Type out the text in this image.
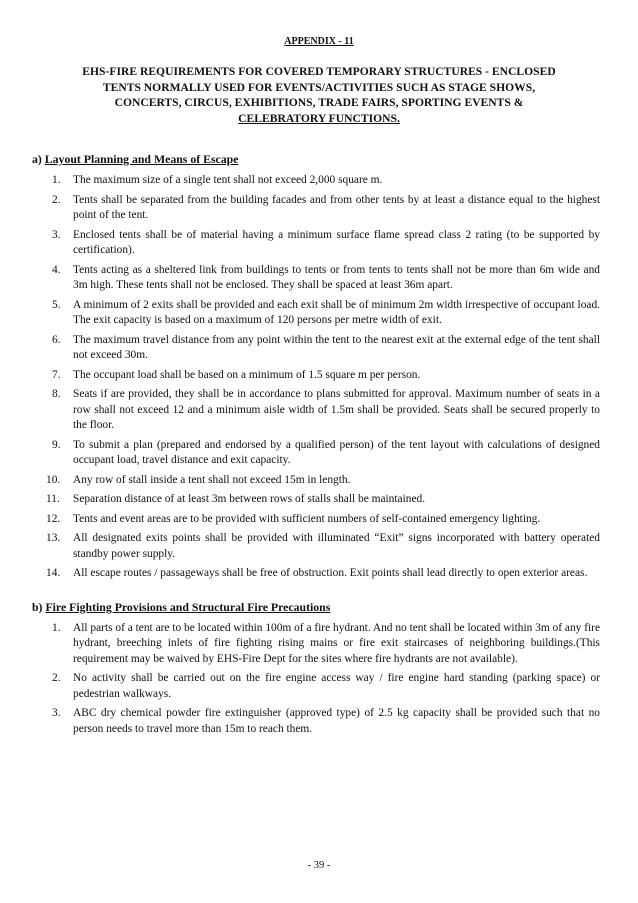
APPENDIX - 11
EHS-FIRE REQUIREMENTS FOR COVERED TEMPORARY STRUCTURES - ENCLOSED
TENTS NORMALLY USED FOR EVENTS/ACTIVITIES SUCH AS STAGE SHOWS,
CONCERTS, CIRCUS, EXHIBITIONS, TRADE FAIRS, SPORTING EVENTS &
CELEBRATORY FUNCTIONS.
a) Layout Planning and Means of Escape
1.	The maximum size of a single tent shall not exceed 2,000 square m.
2.	Tents shall be separated from the building facades and from other tents by at least a distance equal to the highest point of the tent.
3.	Enclosed tents shall be of material having a minimum surface flame spread class 2 rating (to be supported by certification).
4.	Tents acting as a sheltered link from buildings to tents or from tents to tents shall not be more than 6m wide and 3m high. These tents shall not be enclosed. They shall be spaced at least 36m apart.
5.	A minimum of 2 exits shall be provided and each exit shall be of minimum 2m width irrespective of occupant load. The exit capacity is based on a maximum of 120 persons per metre width of exit.
6.	The maximum travel distance from any point within the tent to the nearest exit at the external edge of the tent shall not exceed 30m.
7.	The occupant load shall be based on a minimum of 1.5 square m per person.
8.	Seats if are provided, they shall be in accordance to plans submitted for approval. Maximum number of seats in a row shall not exceed 12 and a minimum aisle width of 1.5m shall be provided. Seats shall be secured properly to the floor.
9.	To submit a plan (prepared and endorsed by a qualified person) of the tent layout with calculations of designed occupant load, travel distance and exit capacity.
10.	Any row of stall inside a tent shall not exceed 15m in length.
11.	Separation distance of at least 3m between rows of stalls shall be maintained.
12.	Tents and event areas are to be provided with sufficient numbers of self-contained emergency lighting.
13.	All designated exits points shall be provided with illuminated “Exit” signs incorporated with battery operated standby power supply.
14.	All escape routes / passageways shall be free of obstruction. Exit points shall lead directly to open exterior areas.
b) Fire Fighting Provisions and Structural Fire Precautions
1.	All parts of a tent are to be located within 100m of a fire hydrant. And no tent shall be located within 3m of any fire hydrant, breeching inlets of fire fighting rising mains or fire exit staircases of neighboring buildings.(This requirement may be waived by EHS-Fire Dept for the sites where fire hydrants are not available).
2.	No activity shall be carried out on the fire engine access way / fire engine hard standing (parking space) or pedestrian walkways.
3.	ABC dry chemical powder fire extinguisher (approved type) of 2.5 kg capacity shall be provided such that no person needs to travel more than 15m to reach them.
- 39 -
